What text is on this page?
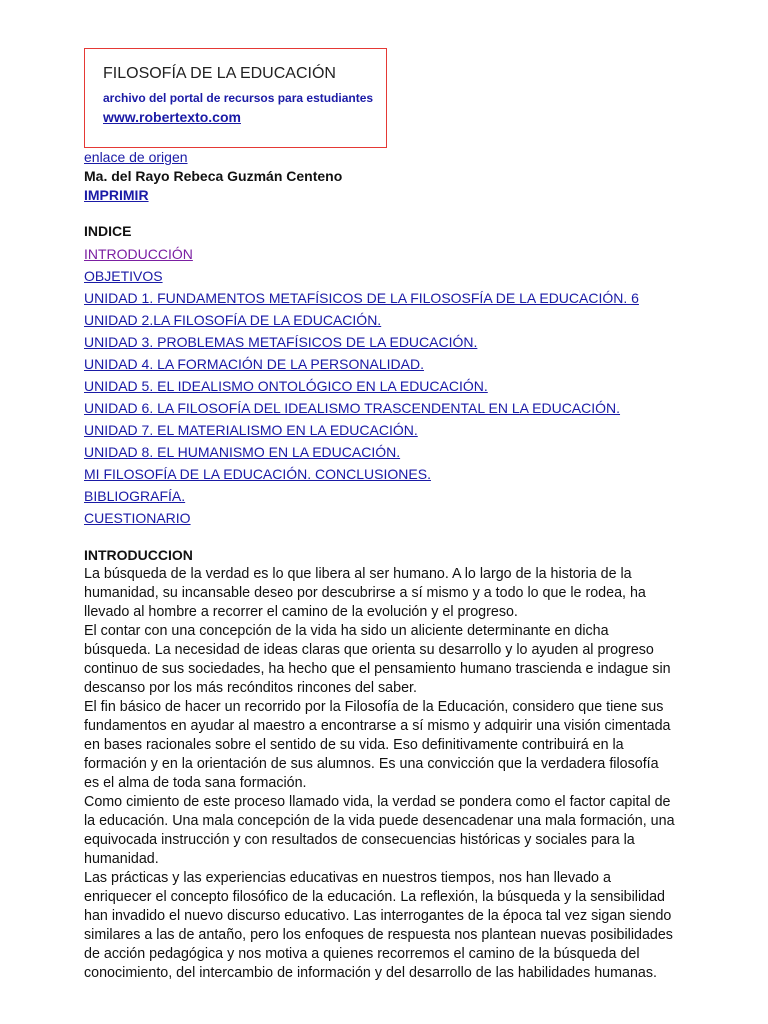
FILOSOFÍA DE LA EDUCACIÓN
archivo del portal de recursos para estudiantes
www.robertexto.com
enlace de origen
Ma. del Rayo Rebeca Guzmán Centeno
IMPRIMIR
INDICE
INTRODUCCIÓN
OBJETIVOS
UNIDAD 1. FUNDAMENTOS METAFÍSICOS DE LA FILOSOSFÍA DE LA EDUCACIÓN. 6
UNIDAD 2.LA FILOSOFÍA DE LA EDUCACIÓN.
UNIDAD 3. PROBLEMAS METAFÍSICOS DE LA EDUCACIÓN.
UNIDAD 4. LA FORMACIÓN DE LA PERSONALIDAD.
UNIDAD 5. EL IDEALISMO ONTOLÓGICO EN LA EDUCACIÓN.
UNIDAD 6. LA FILOSOFÍA DEL IDEALISMO TRASCENDENTAL EN LA EDUCACIÓN.
UNIDAD 7. EL MATERIALISMO EN LA EDUCACIÓN.
UNIDAD 8. EL HUMANISMO EN LA EDUCACIÓN.
MI FILOSOFÍA DE LA EDUCACIÓN. CONCLUSIONES.
BIBLIOGRAFÍA.
CUESTIONARIO
INTRODUCCION

La búsqueda de la verdad es lo que libera al ser humano. A lo largo de la historia de la

humanidad, su incansable deseo por descubrirse a sí mismo y a todo lo que le rodea, ha

llevado al hombre a recorrer el camino de la evolución y el progreso.

El contar con una concepción de la vida ha sido un aliciente determinante en dicha

búsqueda. La necesidad de ideas claras que orienta su desarrollo y lo ayuden al progreso

continuo de sus sociedades, ha hecho que el pensamiento humano trascienda e indague sin

descanso por los más recónditos rincones del saber.

El fin básico de hacer un recorrido por la Filosofía de la Educación, considero que tiene sus

fundamentos en ayudar al maestro a encontrarse a sí mismo y adquirir una visión cimentada

en bases racionales sobre el sentido de su vida. Eso definitivamente contribuirá en la

formación y en la orientación de sus alumnos. Es una convicción que la verdadera filosofía

es el alma de toda sana formación.

Como cimiento de este proceso llamado vida, la verdad se pondera como el factor capital de

la educación. Una mala concepción de la vida puede desencadenar una mala formación, una

equivocada instrucción y con resultados de consecuencias históricas y sociales para la

humanidad.

Las prácticas y las experiencias educativas en nuestros tiempos, nos han llevado a

enriquecer el concepto filosófico de la educación. La reflexión, la búsqueda y la sensibilidad

han invadido el nuevo discurso educativo. Las interrogantes de la época tal vez sigan siendo

similares a las de antaño, pero los enfoques de respuesta nos plantean nuevas posibilidades

de acción pedagógica y nos motiva a quienes recorremos el camino de la búsqueda del

conocimiento, del intercambio de información y del desarrollo de las habilidades humanas.
